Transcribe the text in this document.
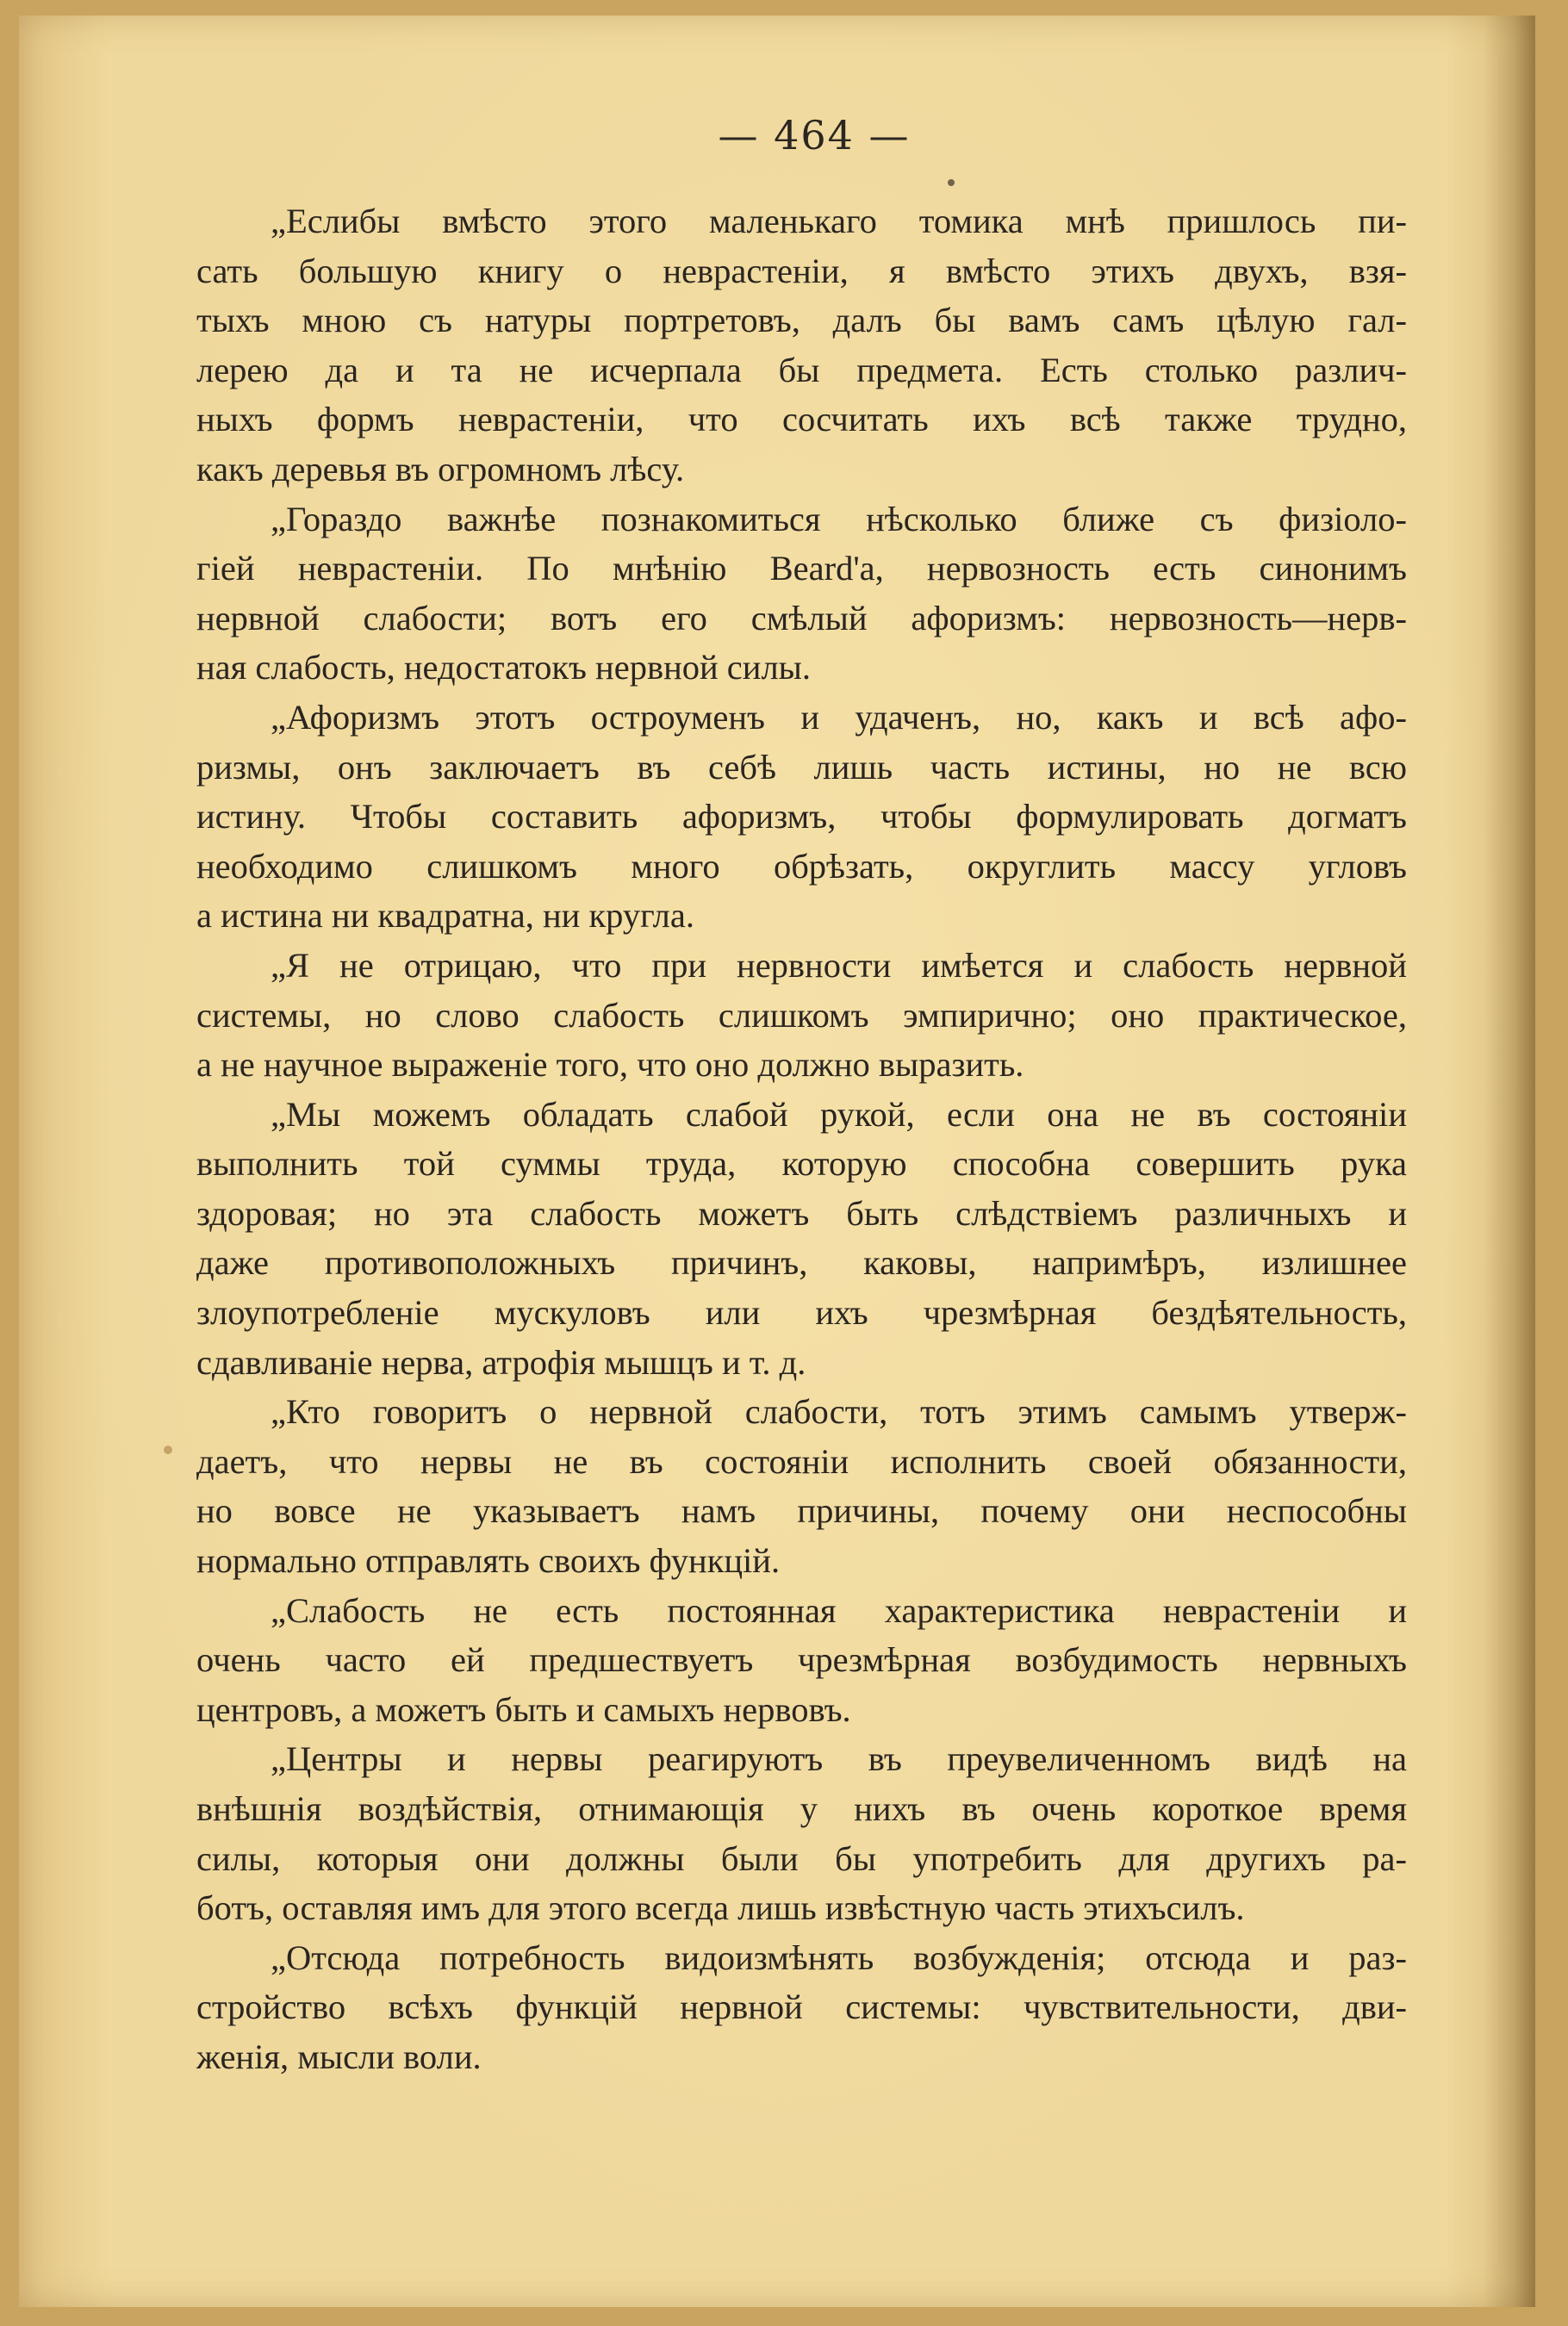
— 464 —
„Еслибы вмѣсто этого маленькаго томика мнѣ пришлось пи-
сать большую книгу о неврастеніи, я вмѣсто этихъ двухъ, взя-
тыхъ мною съ натуры портретовъ, далъ бы вамъ самъ цѣлую гал-
лерею да и та не исчерпала бы предмета. Есть столько различ-
ныхъ формъ неврастеніи, что сосчитать ихъ всѣ также трудно,
какъ деревья въ огромномъ лѣсу.
„Гораздо важнѣе познакомиться нѣсколько ближе съ физіоло-
гіей неврастеніи. По мнѣнію Beard'а, нервозность есть синонимъ
нервной слабости; вотъ его смѣлый афоризмъ: нервозность—нерв-
ная слабость, недостатокъ нервной силы.
„Афоризмъ этотъ остроуменъ и удаченъ, но, какъ и всѣ афо-
ризмы, онъ заключаетъ въ себѣ лишь часть истины, но не всю
истину. Чтобы составить афоризмъ, чтобы формулировать догматъ
необходимо слишкомъ много обрѣзать, округлить массу угловъ
а истина ни квадратна, ни кругла.
„Я не отрицаю, что при нервности имѣется и слабость нервной
системы, но слово слабость слишкомъ эмпирично; оно практическое,
а не научное выраженіе того, что оно должно выразить.
„Мы можемъ обладать слабой рукой, если она не въ состояніи
выполнить той суммы труда, которую способна совершить рука
здоровая; но эта слабость можетъ быть слѣдствіемъ различныхъ и
даже противоположныхъ причинъ, каковы, напримѣръ, излишнее
злоупотребленіе мускуловъ или ихъ чрезмѣрная бездѣятельность,
сдавливаніе нерва, атрофія мышцъ и т. д.
„Кто говоритъ о нервной слабости, тотъ этимъ самымъ утверж-
даетъ, что нервы не въ состояніи исполнить своей обязанности,
но вовсе не указываетъ намъ причины, почему они неспособны
нормально отправлять своихъ функцій.
„Слабость не есть постоянная характеристика неврастеніи и
очень часто ей предшествуетъ чрезмѣрная возбудимость нервныхъ
центровъ, а можетъ быть и самыхъ нервовъ.
„Центры и нервы реагируютъ въ преувеличенномъ видѣ на
внѣшнія воздѣйствія, отнимающія у нихъ въ очень короткое время
силы, которыя они должны были бы употребить для другихъ ра-
ботъ, оставляя имъ для этого всегда лишь извѣстную часть этихъсилъ.
„Отсюда потребность видоизмѣнять возбужденія; отсюда и раз-
стройство всѣхъ функцій нервной системы: чувствительности, дви-
женія, мысли воли.
